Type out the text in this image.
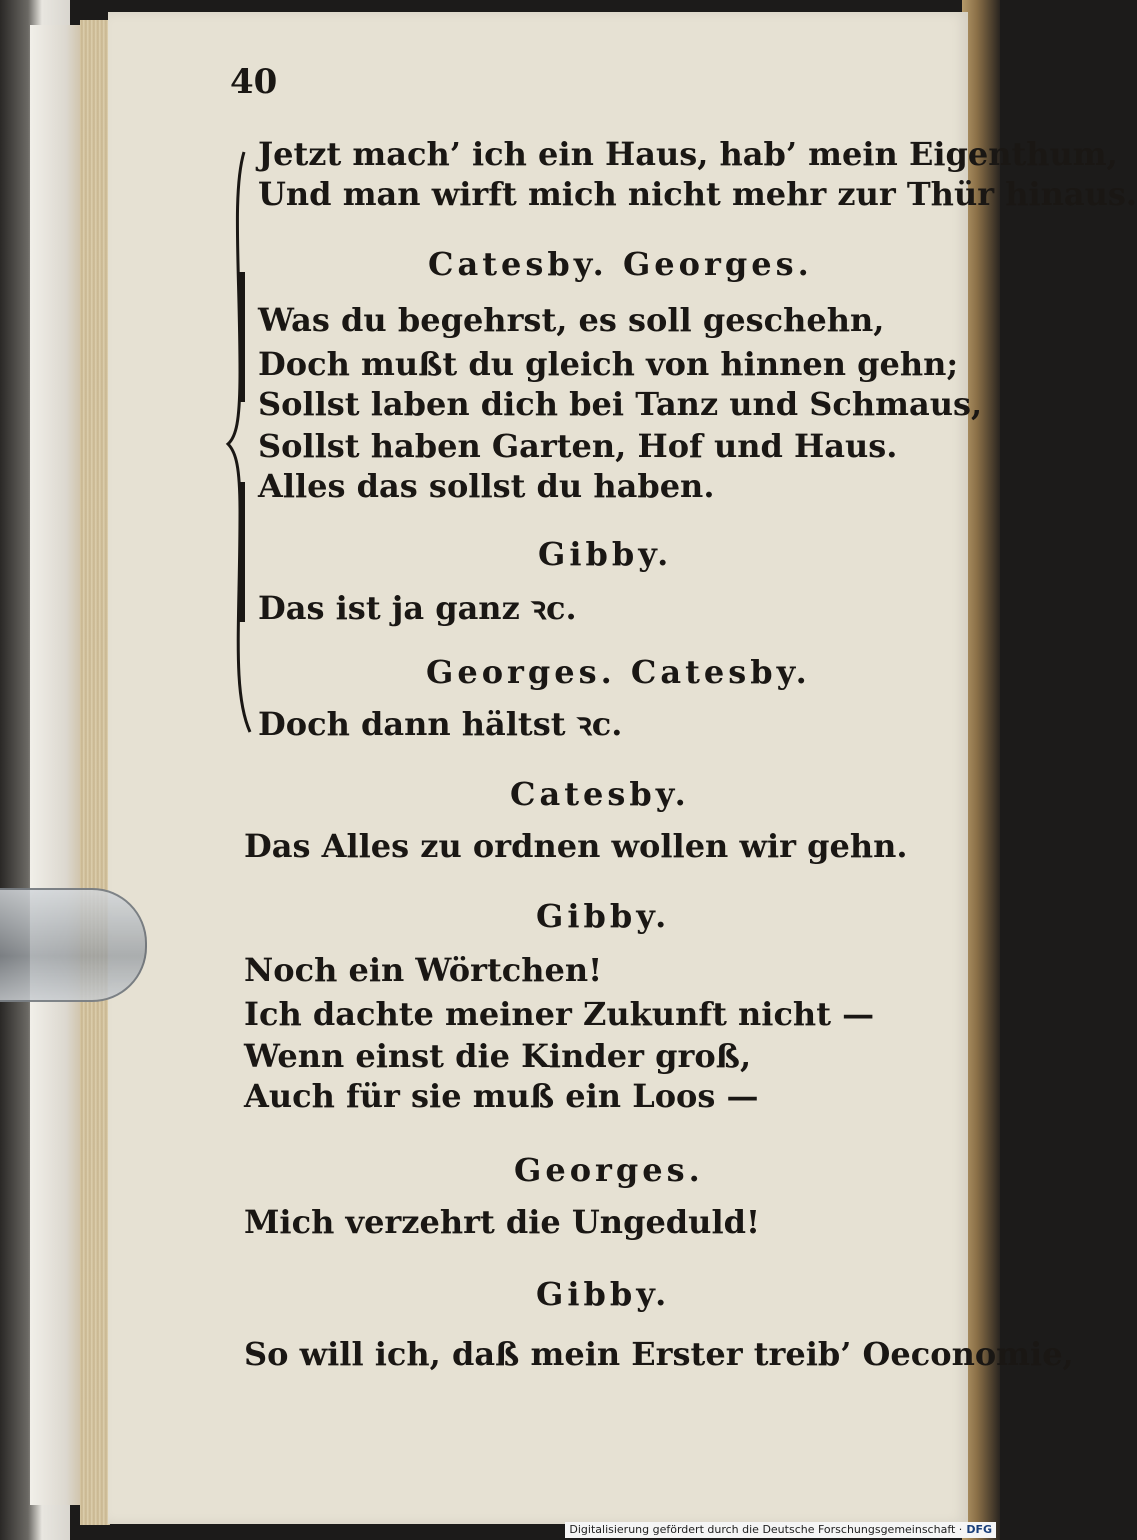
40
Jetzt mach’ ich ein Haus, hab’ mein Eigenthum,
Und man wirft mich nicht mehr zur Thür hinaus.
Catesby. Georges.
Was du begehrst, es soll geschehn,
Doch mußt du gleich von hinnen gehn;
Sollst laben dich bei Tanz und Schmaus,
Sollst haben Garten, Hof und Haus.
Alles das sollst du haben.
Gibby.
Das ist ja ganz ꝛc.
Georges. Catesby.
Doch dann hältst ꝛc.
Catesby.
Das Alles zu ordnen wollen wir gehn.
Gibby.
Noch ein Wörtchen!
Ich dachte meiner Zukunft nicht —
Wenn einst die Kinder groß,
Auch für sie muß ein Loos —
Georges.
Mich verzehrt die Ungeduld!
Gibby.
So will ich, daß mein Erster treib’ Oeconomie,
Digitalisierung gefördert durch die Deutsche Forschungsgemeinschaft · DFG
